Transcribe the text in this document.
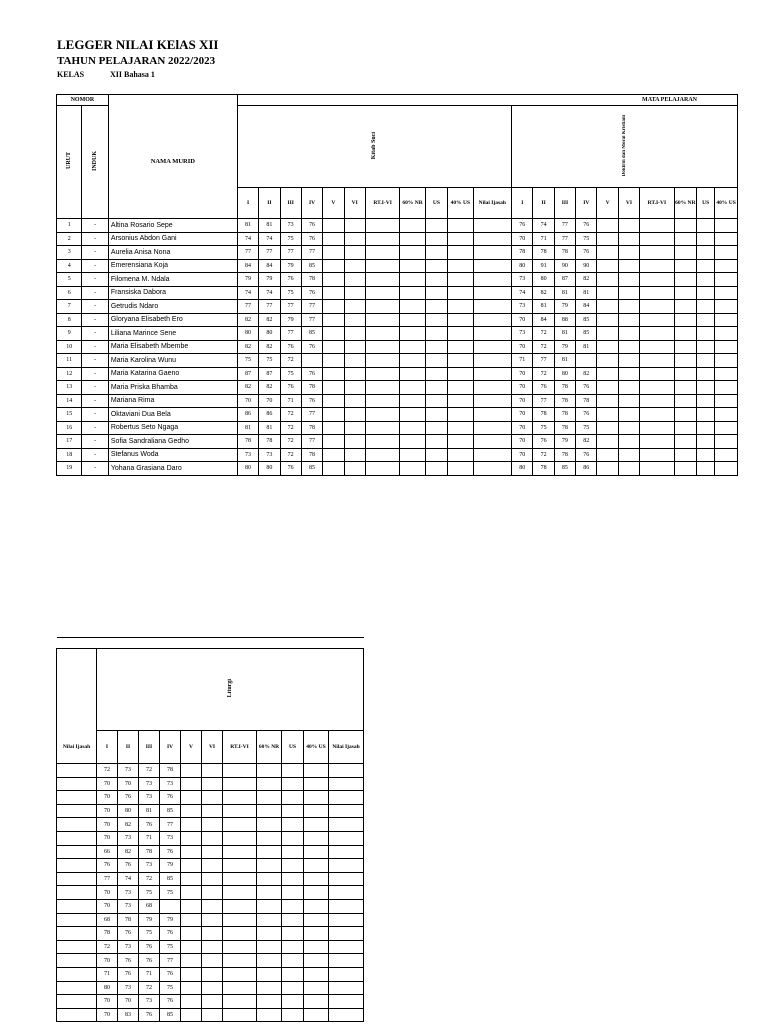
LEGGER NILAI KElAS XII
TAHUN PELAJARAN 2022/2023
KELAS	XII Bahasa 1
NOMOR			MATA PELAJARAN																				
URUT	INDUK	NAMA MURID	Kitab Suci											Doktrin dan Moral Kristiani									
			I	II	III	IV	V	VI	RT.I-VI	60% NR	US	40% US	Nilai Ijasah	I	II	III	IV	V	VI	RT.I-VI	60% NR	US	40% US
1	-	Altina Rosario Sepe	81	81	73	76								76	74	77	76						
2	-	Arsonius Abdon Gani	74	74	75	76								70	71	77	75						
3	-	Aurelia Anisa Nona	77	77	77	77								78	78	78	76						
4	-	Emerensiana Koja	84	84	79	85								80	91	90	90						
5	-	Filomena M. Ndala	79	79	76	78								73	80	87	82						
6	-	Fransiska Dabora	74	74	75	76								74	82	81	81						
7	-	Getrudis Ndaro	77	77	77	77								73	81	79	84						
8	-	Gloryana Elisabeth Ero	82	82	79	77								70	84	88	85						
9	-	Liliana Marince Sene	80	80	77	85								73	72	81	85						
10	-	Maria Elisabeth Mbembe	82	82	76	76								70	72	79	81						
11	-	Maria Karolina Wunu	75	75	72									71	77	81							
12	-	Maria Katarina Gaeno	87	87	75	76								70	72	80	82						
13	-	Maria Priska Bhamba	82	82	76	78								70	76	78	76						
14	-	Mariana Rima	70	70	71	76								70	77	78	78						
15	-	Oktaviani Dua Bela	86	86	72	77								70	78	78	76						
16	-	Robertus Seto Ngaga	81	81	72	78								70	75	78	75						
17	-	Sofia Sandraliana Gedho	78	78	72	77								70	76	79	82						
18	-	Stefanus Woda	73	73	72	78								70	72	78	76						
19	-	Yohana Grasiana Daro	80	80	76	85								80	78	85	86						

	Liturgi										
Nilai Ijasah	I	II	III	IV	V	VI	RT.I-VI	60% NR	US	40% US	Nilai Ijasah
	72	73	72	78							
	70	70	73	73							
	70	76	73	76							
	70	80	81	85							
	70	82	76	77							
	70	73	71	73							
	66	82	78	76							
	76	76	73	79							
	77	74	72	85							
	70	73	75	75							
	70	73	68								
	68	78	79	79							
	78	76	75	76							
	72	73	76	75							
	70	76	76	77							
	71	76	71	76							
	80	73	72	75							
	70	70	73	76							
	70	83	76	85							
